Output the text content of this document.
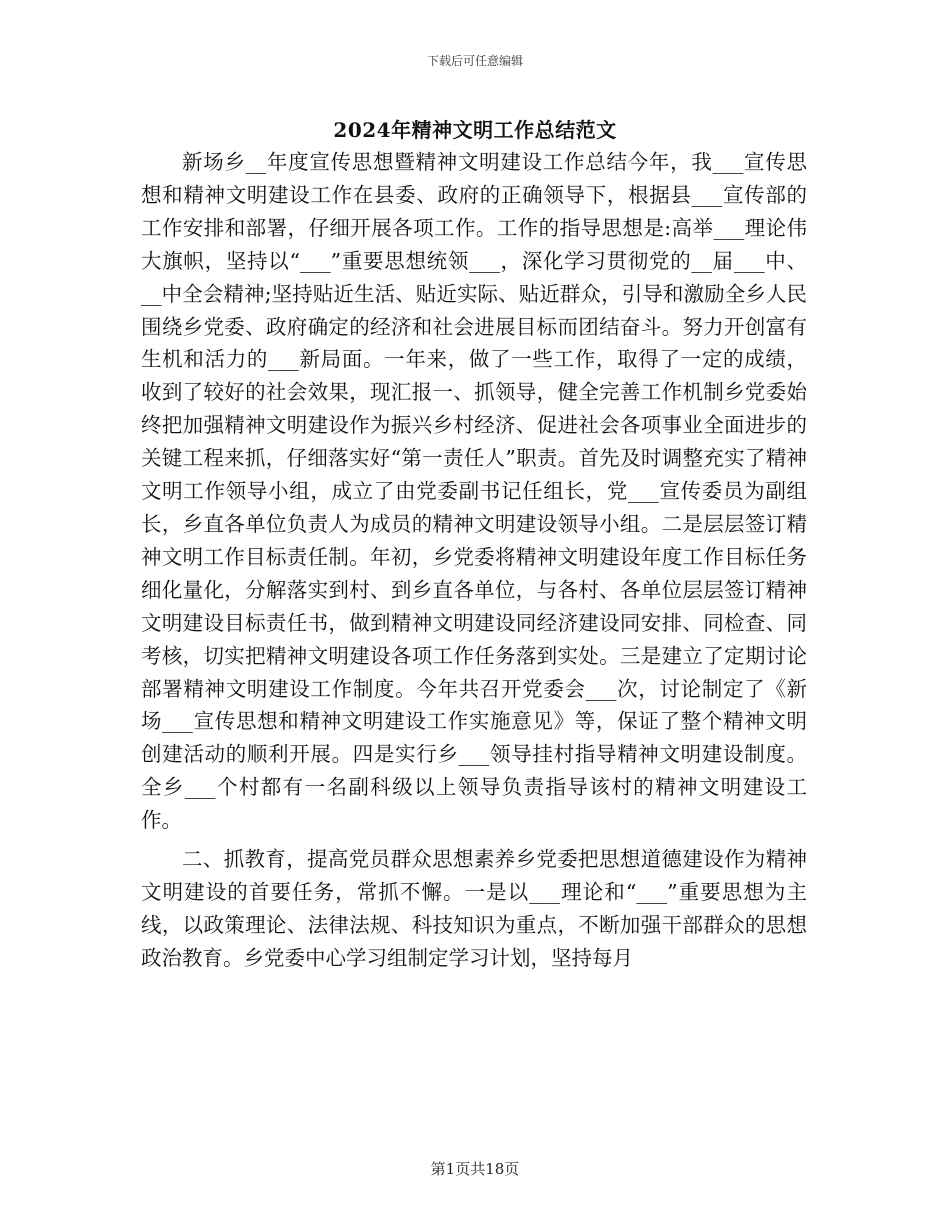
下载后可任意编辑
2024年精神文明工作总结范文

新场乡__年度宣传思想暨精神文明建设工作总结今年，我___宣传思想和精神文明建设工作在县委、政府的正确领导下，根据县___宣传部的工作安排和部署，仔细开展各项工作。工作的指导思想是:高举___理论伟大旗帜，坚持以“___”重要思想统领___，深化学习贯彻党的__届___中、__中全会精神;坚持贴近生活、贴近实际、贴近群众，引导和激励全乡人民围绕乡党委、政府确定的经济和社会进展目标而团结奋斗。努力开创富有生机和活力的___新局面。一年来，做了一些工作，取得了一定的成绩，收到了较好的社会效果，现汇报一、抓领导，健全完善工作机制乡党委始终把加强精神文明建设作为振兴乡村经济、促进社会各项事业全面进步的关键工程来抓，仔细落实好“第一责任人”职责。首先及时调整充实了精神文明工作领导小组，成立了由党委副书记任组长，党___宣传委员为副组长，乡直各单位负责人为成员的精神文明建设领导小组。二是层层签订精神文明工作目标责任制。年初，乡党委将精神文明建设年度工作目标任务细化量化，分解落实到村、到乡直各单位，与各村、各单位层层签订精神文明建设目标责任书，做到精神文明建设同经济建设同安排、同检查、同考核，切实把精神文明建设各项工作任务落到实处。三是建立了定期讨论部署精神文明建设工作制度。今年共召开党委会___次，讨论制定了《新场___宣传思想和精神文明建设工作实施意见》等，保证了整个精神文明创建活动的顺利开展。四是实行乡___领导挂村指导精神文明建设制度。全乡___个村都有一名副科级以上领导负责指导该村的精神文明建设工作。

二、抓教育，提高党员群众思想素养乡党委把思想道德建设作为精神文明建设的首要任务，常抓不懈。一是以___理论和“___”重要思想为主线，以政策理论、法律法规、科技知识为重点，不断加强干部群众的思想政治教育。乡党委中心学习组制定学习计划，坚持每月

第1页共18页
